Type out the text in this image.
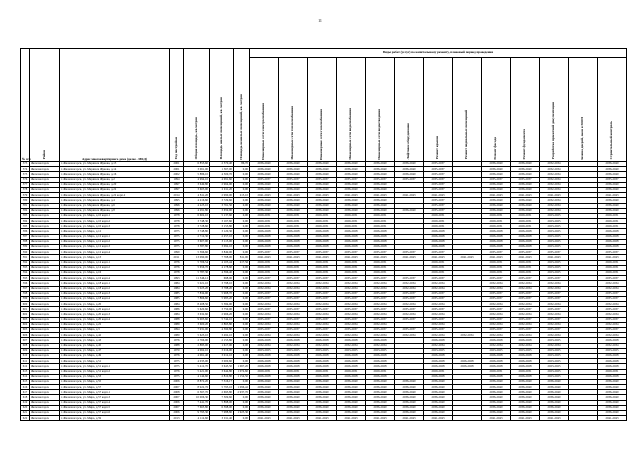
11
№ п/п	Район	Адрес многоквартирного дома (далее - МКД)	Год постройки	Общая площадь, кв.метров	Площадь жилых помещений, кв. метров	Площадь нежилых помещений, кв. метров	Виды работ (услуг) по капитальному ремонту, плановый период проведения												
							Инженерные сети электроснабжения	Инженерные сети теплоснабжения	Инженерные сети газоснабжения	Инженерные сети водоснабжения	Инженерные сети водоотведения	Лифтовое оборудование	Ремонт крыши	Ремонт подвальных помещений	Ремонт фасада	Ремонт фундамента	Разработка проектной документации	Замена дверей, окон в МОП	Строительный контроль
573	Железногорск	г. Железногорск, ул. Маршала Жукова, д.13	2001	6 853,60	2 570,40	86,70	2036-2040	2036-2040	2036-2040	2036-2040	2036-2040	2036-2040	2035-2037		2036-2040	2036-2040	2032-2034		2036-2040
574	Железногорск	г. Железногорск, ул. Маршала Жукова, д.14	2001	3 061,00	1 367,00	0,00	2036-2040	2036-2040	2036-2040	2036-2040	2036-2040	2036-2040	2035-2037		2036-2040	2036-2040	2032-2034		2036-2040
575	Железногорск	г. Железногорск, ул. Маршала Жукова, д.16	2002	5 886,10	4 500,70	0,00	2036-2040	2036-2040	2036-2040	2036-2040	2036-2040	2036-2040	2035-2037		2036-2040	2036-2040	2032-2034		2036-2040
576	Железногорск	г. Железногорск, ул. Маршала Жукова, д.2	1994	4 994,10	4 091,60	0,00	2035-2037	2035-2037	2035-2037	2035-2037	2035-2037	2035-2037	2035-2037		2035-2037	2035-2037	2032-2034		2035-2037
577	Железногорск	г. Железногорск, ул. Маршала Жукова, д.20	1997	3 649,80	2 964,00	0,00	2036-2040	2036-2040	2036-2040	2036-2040	2036-2040		2035-2037		2036-2040	2036-2040	2032-2034		2036-2040
578	Железногорск	г. Железногорск, ул. Маршала Жукова, д.22	1997	3 603,90	2 911,20	0,00	2036-2040	2036-2040	2036-2040	2036-2040	2036-2040		2035-2037		2036-2040	2036-2040	2032-2034		2036-2040
579	Железногорск	г. Железногорск, ул. Маршала Жукова, д.22 корп.2	2014	4 811,20	2 990,00	215,10	2041-2043	2041-2043	2041-2043	2041-2043	2041-2043	2041-2043	2041-2043		2041-2043	2041-2043	2041-2043		2041-2043
580	Железногорск	г. Железногорск, ул. Маршала Жукова, д.4	1995	4 216,60	3 729,60	0,00	2036-2040	2036-2040	2036-2040	2036-2040	2036-2040		2035-2037		2036-2040	2036-2040	2032-2034		2036-2040
581	Железногорск	г. Железногорск, ул. Маршала Жукова, д.6	1996	4 225,10	3 761,50	0,00	2036-2040	2036-2040	2036-2040	2036-2040	2036-2040		2035-2037		2036-2040	2036-2040	2032-2034		2036-2040
582	Железногорск	г. Железногорск, ул. Маршала Жукова, д.8	1996	4 291,80	3 659,90	0,00	2036-2040	2036-2040	2036-2040	2036-2040	2036-2040	2036-2040	2035-2037		2036-2040	2036-2040	2032-2034		2036-2040
583	Железногорск	г. Железногорск, ул. Мира, д.10 корп.1	1978	6 602,10	5 137,60	0,00	2029-2031	2029-2031	2029-2031	2029-2031	2029-2031		2029-2031		2029-2031	2029-2031	2023-2025		2029-2031
584	Железногорск	г. Железногорск, ул. Мира, д.10 корп.2	1978	3 748,30	3 167,60	0,00	2029-2031	2029-2031	2029-2031	2029-2031	2029-2031		2029-2031		2029-2031	2029-2031	2023-2025		2029-2031
585	Железногорск	г. Железногорск, ул. Мира, д.10 корп.3	1978	3 728,60	3 153,80	0,00	2029-2031	2029-2031	2029-2031	2029-2031	2029-2031		2029-2031		2029-2031	2029-2031	2023-2025		2029-2031
586	Железногорск	г. Железногорск, ул. Мира, д.12	1975	3 748,80	3 120,30	0,00	2026-2028	2026-2028	2026-2028	2026-2028	2026-2028		2026-2028		2026-2028	2026-2028	2023-2025		2026-2028
587	Железногорск	г. Железногорск, ул. Мира, д.12 корп.1	1975	2 712,30	2 257,10	0,00	2026-2028	2026-2028	2026-2028	2026-2028	2026-2028		2026-2028		2026-2028	2026-2028	2023-2025		2026-2028
588	Железногорск	г. Железногорск, ул. Мира, д.12 корп.2	1975	3 607,90	3 115,00	0,00	2026-2028	2026-2028	2026-2028	2026-2028	2026-2028		2026-2028		2026-2028	2026-2028	2023-2025		2026-2028
589	Железногорск	г. Железногорск, ул. Мира, д.12 корп.3	1975	3 587,80	3 092,10	0,00	2026-2028	2026-2028	2026-2028	2026-2028	2026-2028		2026-2028		2026-2028	2026-2028	2023-2025		2026-2028
590	Железногорск	г. Железногорск, ул. Мира, д.12 корп.4	1999	5 596,60	3 849,00	0,00	2035-2037	2035-2037	2035-2037	2035-2037	2035-2037	2035-2037	2035-2037		2035-2037	2035-2037	2035-2037		2035-2037
591	Железногорск	г. Железногорск, ул. Мира, д.13	2011	13 090,00	7 768,00	811,00	2041-2043	2041-2043	2041-2043	2041-2043	2041-2043	2041-2043	2041-2043	2041-2043	2041-2043	2041-2043	2041-2043		2041-2043
592	Железногорск	г. Железногорск, ул. Мира, д.14 корп.1	1976	5 706,54	4 105,44	217,56	2029-2031	2029-2031	2029-2031	2029-2031	2029-2031		2029-2031		2029-2031	2029-2031	2023-2025		2029-2031
593	Железногорск	г. Железногорск, ул. Мира, д.14 корп.2	1976	5 656,70	4 178,60	0,00	2029-2031	2029-2031	2029-2031	2029-2031	2029-2031		2029-2031		2029-2031	2029-2031	2023-2025		2029-2031
594	Железногорск	г. Железногорск, ул. Мира, д.16	1978	5 787,30	4 396,40	0,00	2029-2031	2029-2031	2029-2031	2029-2031	2029-2031		2029-2031		2029-2031	2029-2031	2023-2025		2029-2031
595	Железногорск	г. Железногорск, ул. Мира, д.16 корп.4	1993	11 546,12	698,00	0,00	2035-2037	2035-2037	2035-2037	2035-2037	2035-2037	2035-2037	2035-2037		2035-2037	2035-2037	2035-2037		2035-2037
596	Железногорск	г. Железногорск, ул. Мира, д.18 корп.1	1984	5 021,10	3 798,10	0,00	2032-2034	2032-2034	2032-2034	2032-2034	2032-2034	2032-2034	2032-2034		2032-2034	2032-2034	2032-2034		2032-2034
597	Железногорск	г. Железногорск, ул. Мира, д.18 корп.2	1984	5 025,20	3 788,20	0,00	2032-2034	2032-2034	2032-2034	2032-2034	2032-2034	2032-2034	2032-2034		2032-2034	2032-2034	2032-2034		2032-2034
598	Железногорск	г. Железногорск, ул. Мира, д.18 корп.3	1985	7 834,90	5 968,70	0,00	2035-2037	2035-2037	2035-2037	2035-2037	2035-2037	2035-2037	2035-2037		2035-2037	2035-2037	2035-2037		2035-2037
599	Железногорск	г. Железногорск, ул. Мира, д.18 корп.4	1985	7 866,60	5 985,20	0,00	2035-2037	2035-2037	2035-2037	2035-2037	2035-2037	2035-2037	2035-2037		2035-2037	2035-2037	2035-2037		2035-2037
600	Железногорск	г. Железногорск, ул. Мира, д.20	1984	8 408,50	5 584,00	0,00	2032-2034	2032-2034	2032-2034	2032-2034	2032-2034	2032-2034	2032-2034		2032-2034	2032-2034	2032-2034		2032-2034
601	Железногорск	г. Железногорск, ул. Мира, д.20 корп.2	1986	5 620,60	3 750,00	0,00	2035-2037	2035-2037	2035-2037	2035-2037	2035-2037	2035-2037	2035-2037		2035-2037	2035-2037	2035-2037		2035-2037
602	Железногорск	г. Железногорск, ул. Мира, д.20 корп.3	1984	3 632,60	2 966,20	0,00	2032-2034	2032-2034	2032-2034	2032-2034	2032-2034	2032-2034	2032-2034		2032-2034	2032-2034	2032-2034		2032-2034
603	Железногорск	г. Железногорск, ул. Мира, д.20 корп.4	1988	9 005,60	5 744,10	0,00	2035-2037	2035-2037	2035-2037	2035-2037	2035-2037	2035-2037	2035-2037		2035-2037	2035-2037	2035-2037		2035-2037
604	Железногорск	г. Железногорск, ул. Мира, д.22	1989	3 600,20	2 863,80	0,00	2032-2034	2032-2034	2032-2034	2032-2034	2032-2034		2032-2034		2032-2034	2032-2034	2032-2034		2032-2034
605	Железногорск	г. Железногорск, ул. Мира, д.3	1994	7 931,00	4 590,80	0,00	2035-2037	2035-2037	2035-2037	2035-2037	2035-2037	2035-2037	2035-2037		2035-2037	2035-2037	2035-2037		2035-2037
606	Железногорск	г. Железногорск, ул. Мира, д.42	1980	5 623,10	3 492,10	0,00	2032-2034	2032-2034	2032-2034	2032-2034	2032-2034	2032-2034	2032-2034	2032-2034	2032-2034	2032-2034	2032-2034		2032-2034
607	Железногорск	г. Железногорск, ул. Мира, д.43	1976	2 766,00	2 153,80	0,00	2026-2028	2026-2028	2026-2028	2026-2028	2026-2028		2026-2028		2026-2028	2026-2028	2023-2025		2026-2028
608	Железногорск	г. Железногорск, ул. Мира, д.45	1988	2 883,00	1 617,00	0,00	2032-2034	2032-2034	2032-2034	2032-2034	2032-2034		2032-2034		2032-2034	2032-2034	2032-2034		2032-2034
609	Железногорск	г. Железногорск, ул. Мира, д.47	1970	4 062,10	3 016,00	0,00	2023-2025	2023-2025	2023-2025	2023-2025	2023-2025		2023-2025		2023-2025	2023-2025	2023-2025		2023-2025
610	Железногорск	г. Железногорск, ул. Мира, д.49	1976	4 061,40	3 012,10	0,00	2026-2028	2026-2028	2026-2028	2026-2028	2026-2028		2026-2028		2026-2028	2026-2028	2023-2025		2026-2028
611	Железногорск	г. Железногорск, ул. Мира, д.51	1975	4 033,00	3 000,60	0,00	2026-2028	2026-2028	2026-2028	2026-2028	2026-2028		2026-2028	2026-2028	2026-2028	2026-2028	2023-2025		2026-2028
612	Железногорск	г. Железногорск, ул. Мира, д.51 корп.1	1975	5 412,70	3 645,50	1 067,20	2026-2028	2026-2028	2026-2028	2026-2028	2026-2028		2026-2028	2026-2028	2026-2028	2026-2028	2023-2025		2026-2028
613	Железногорск	г. Железногорск, ул. Мира, д.51 корп.2	1976	5 421,00	3 644,80	1 074,60	2029-2031	2029-2031	2029-2031	2029-2031	2029-2031		2029-2031		2029-2031	2029-2031	2023-2025		2029-2031
614	Железногорск	г. Железногорск, ул. Мира, д.53	1975	4 144,60	2 810,80	1 154,50	2026-2028	2026-2028	2026-2028	2026-2028	2026-2028		2026-2028		2026-2028	2026-2028	2023-2025		2026-2028
615	Железногорск	г. Железногорск, ул. Мира, д.55	2006	8 872,20	7 316,17	0,00	2036-2040	2036-2040	2036-2040	2036-2040	2036-2040	2036-2040	2036-2040		2036-2040	2036-2040	2036-2040		2036-2040
616	Железногорск	г. Железногорск, ул. Мира, д.57	2007	8 922,76	5 795,10	1 096,42	2036-2040	2036-2040	2036-2040	2036-2040	2036-2040	2036-2040	2036-2040		2036-2040	2036-2040	2036-2040		2036-2040
617	Железногорск	г. Железногорск, ул. Мира, д.57 корп.1	2008	6 567,70	2 693,80	2 937,70	2036-2040	2036-2040	2036-2040	2036-2040	2036-2040	2036-2040	2036-2040		2036-2040	2036-2040	2036-2040		2036-2040
618	Железногорск	г. Железногорск, ул. Мира, д.57 корп.3	2007	10 006,30	7 509,60	0,00	2036-2040	2036-2040	2036-2040	2036-2040	2036-2040	2036-2040	2036-2040		2036-2040	2036-2040	2036-2040		2036-2040
619	Железногорск	г. Железногорск, ул. Мира, д.57 корп.4	2006	7 441,70	5 898,00	0,00	2036-2040	2036-2040	2036-2040	2036-2040	2036-2040	2036-2040	2036-2040		2036-2040	2036-2040	2036-2040		2036-2040
620	Железногорск	г. Железногорск, ул. Мира, д.57 корп.5	2007	7 665,80	6 398,00	0,00	2036-2040	2036-2040	2036-2040	2036-2040	2036-2040	2036-2040	2036-2040		2036-2040	2036-2040	2036-2040		2036-2040
621	Железногорск	г. Железногорск, ул. Мира, д.57 корп.6	2006	9 795,30	7 988,80	1 925,30	2036-2040	2036-2040	2036-2040	2036-2040	2036-2040	2036-2040	2036-2040		2036-2040	2036-2040	2036-2040		2036-2040
622	Железногорск	г. Железногорск, ул. Мира, д.59	2013	4 112,60	3 011,40	0,00	2041-2043	2041-2043	2041-2043	2041-2043	2041-2043	2041-2043	2041-2043		2041-2043	2041-2043	2041-2043		2041-2043
